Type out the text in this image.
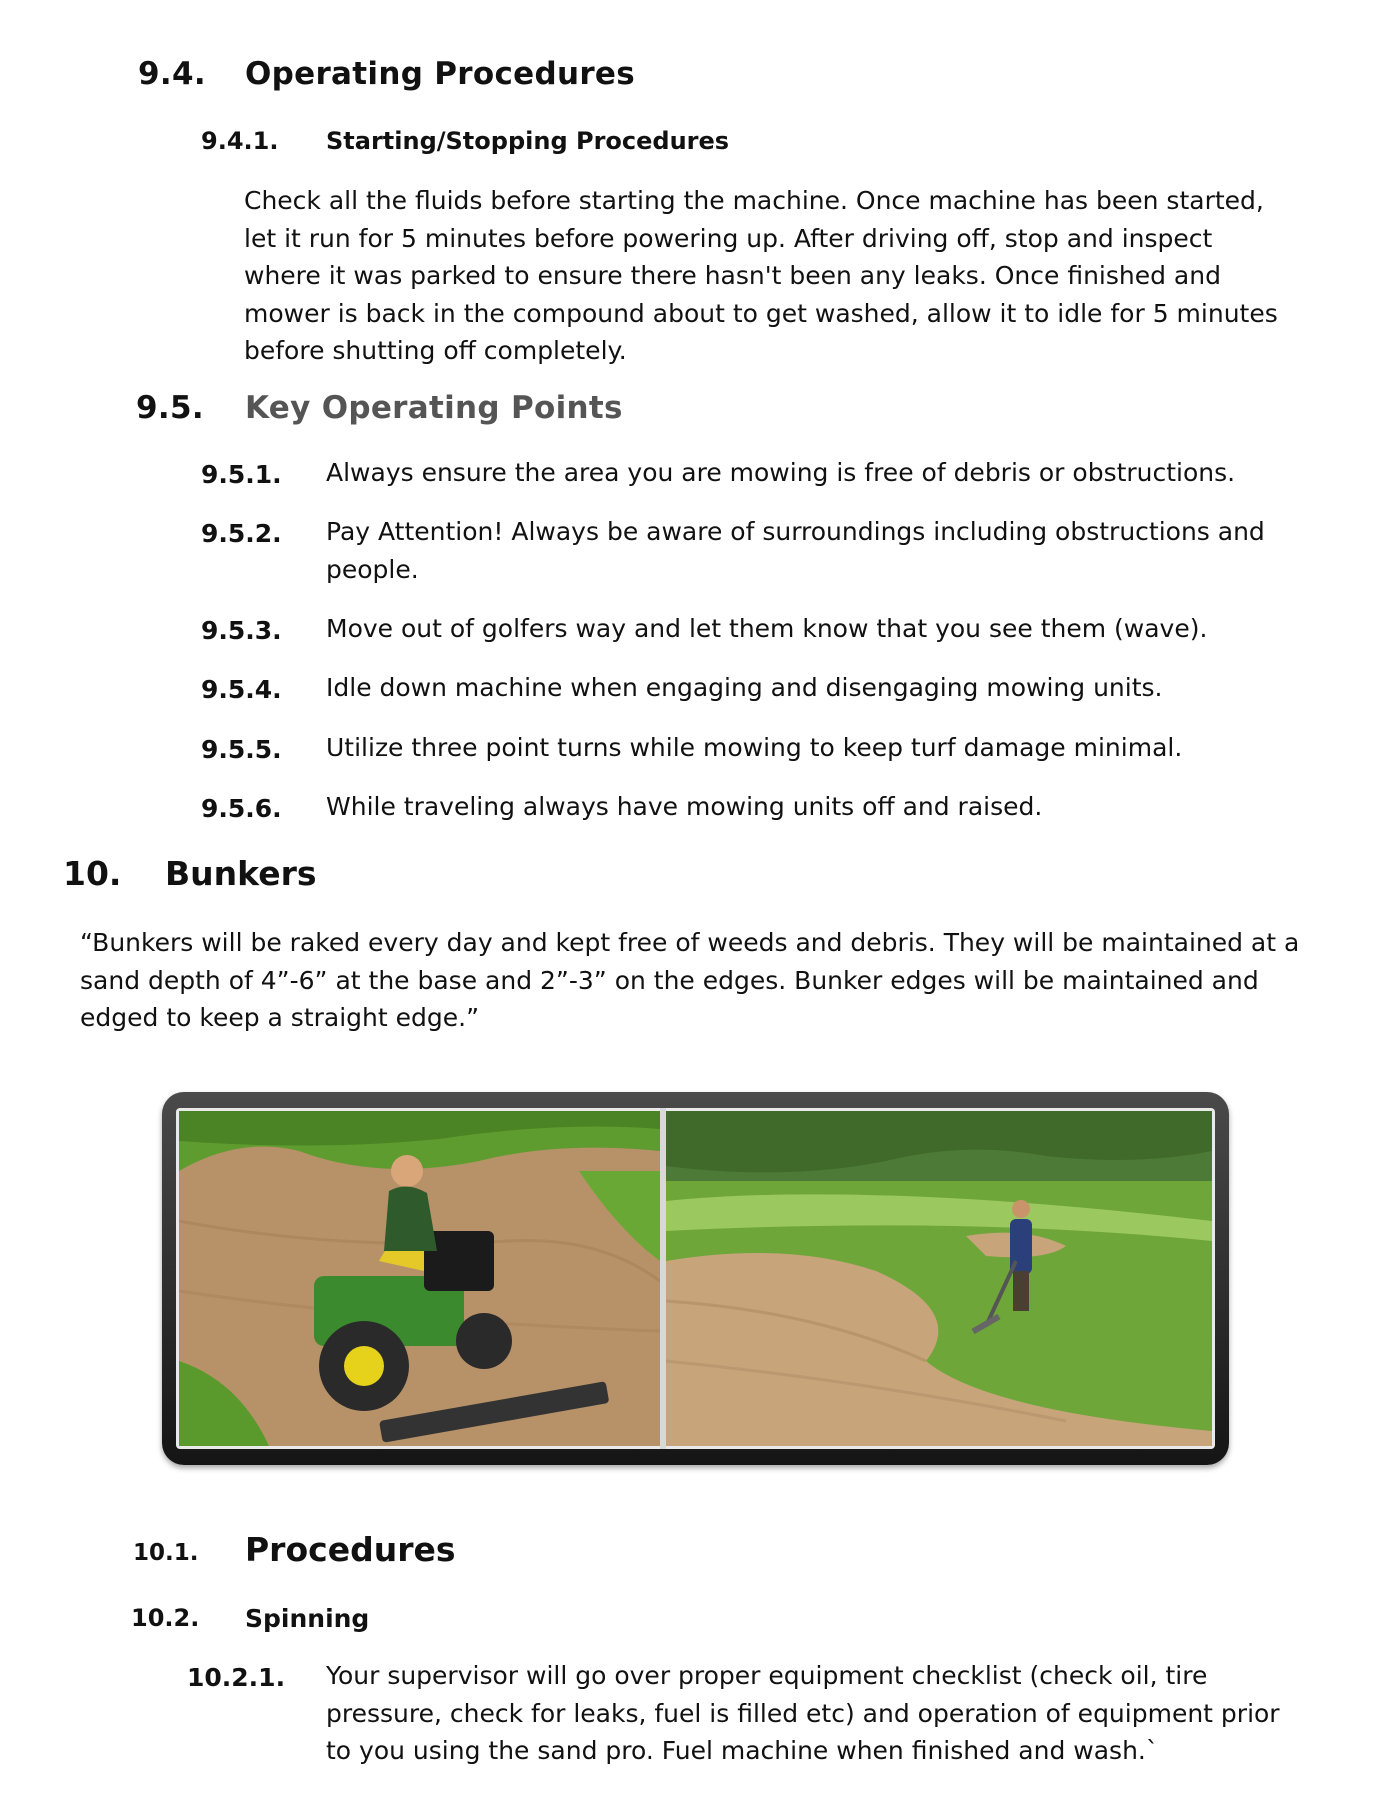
9.4. Operating Procedures
9.4.1. Starting/Stopping Procedures
Check all the fluids before starting the machine. Once machine has been started,
let it run for 5 minutes before powering up. After driving off, stop and inspect
where it was parked to ensure there hasn't been any leaks. Once finished and
mower is back in the compound about to get washed, allow it to idle for 5 minutes
before shutting off completely.
9.5. Key Operating Points
9.5.1. Always ensure the area you are mowing is free of debris or obstructions.
9.5.2. Pay Attention! Always be aware of surroundings including obstructions and
people.
9.5.3. Move out of golfers way and let them know that you see them (wave).
9.5.4. Idle down machine when engaging and disengaging mowing units.
9.5.5. Utilize three point turns while mowing to keep turf damage minimal.
9.5.6. While traveling always have mowing units off and raised.
10. Bunkers
“Bunkers will be raked every day and kept free of weeds and debris. They will be maintained at a
sand depth of 4”-6” at the base and 2”-3” on the edges. Bunker edges will be maintained and
edged to keep a straight edge.”
10.1. Procedures
10.2. Spinning
10.2.1. Your supervisor will go over proper equipment checklist (check oil, tire
pressure, check for leaks, fuel is filled etc) and operation of equipment prior
to you using the sand pro. Fuel machine when finished and wash.`
